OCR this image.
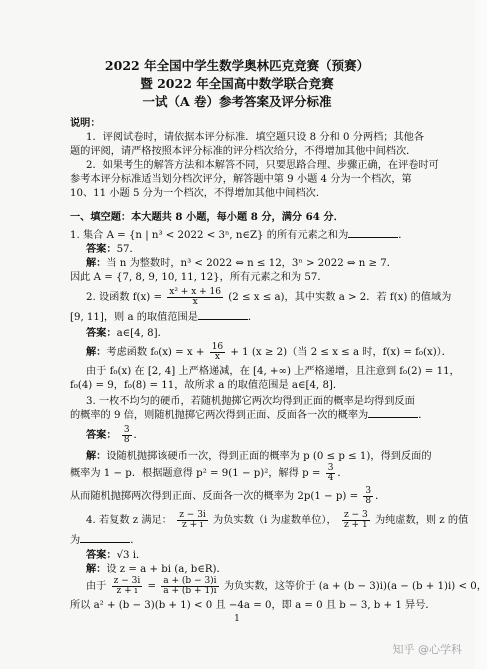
2022 年全国中学生数学奥林匹克竞赛（预赛）
暨 2022 年全国高中数学联合竞赛
一试（A 卷）参考答案及评分标准
说明：
1．评阅试卷时，请依据本评分标准．填空题只设 8 分和 0 分两档；其他各
题的评阅，请严格按照本评分标准的评分档次给分，不得增加其他中间档次．
2．如果考生的解答方法和本解答不同，只要思路合理、步骤正确，在评卷时可
参考本评分标准适当划分档次评分，解答题中第 9 小题 4 分为一个档次，第
10、11 小题 5 分为一个档次，不得增加其他中间档次．
一、填空题：本大题共 8 小题，每小题 8 分，满分 64 分．
1. 集合 A = {n | n³ < 2022 < 3ⁿ, n∈Z} 的所有元素之和为	．
答案：57．
解：当 n 为整数时，n³ < 2022 ⇔ n ≤ 12，3ⁿ > 2022 ⇔ n ≥ 7．
因此 A = {7, 8, 9, 10, 11, 12}，所有元素之和为 57．
2. 设函数 $f(x) = \frac{\text{x² + x + 16}}{x} (2 \le x \le a)$，其中实数 a > 2．若 f(x) 的值域为
[9, 11]，则 a 的取值范围是	．
答案：a∈[4, 8]．
解：考虑函数 $f_0(x) = x + \frac{16}{x} + 1$ (x ≥ 2)（当 2 ≤ x ≤ a 时，f(x) = f₀(x)）．
由于 f₀(x) 在 [2, 4] 上严格递减，在 [4, +∞) 上严格递增，且注意到 f₀(2) = 11，
f₀(4) = 9，f₀(8) = 11，故所求 a 的取值范围是 a∈[4, 8]．
3. 一枚不均匀的硬币，若随机抛掷它两次均得到正面的概率是均得到反面
的概率的 9 倍，则随机抛掷它两次得到正面、反面各一次的概率为	．
答案： $\frac{3}{8}$ ．
解：设随机抛掷该硬币一次，得到正面的概率为 p (0 ≤ p ≤ 1)，得到反面的
概率为 1 − p．根据题意得 p² = 9(1 − p)²，解得 $p = \frac{3}{4}$ ．
从而随机抛掷两次得到正面、反面各一次的概率为 $2p(1 - p) = \frac{3}{8}$ ．
4. 若复数 z 满足： $\frac{z - 3i}{z + i}$ 为负实数（i 为虚数单位）， $\frac{z - 3}{z + 1}$ 为纯虚数，则 z 的值
为	．
答案：√3 i．
解：设 z = a + bi (a, b∈R)．
由于 $\frac{z - 3i}{z + i} = \frac{a + (b - 3)i}{a + (b + 1)i}$ 为负实数，这等价于 (a + (b − 3)i)(a − (b + 1)i) < 0，
所以 a² + (b − 3)(b + 1) < 0 且 −4a = 0，即 a = 0 且 b − 3, b + 1 异号．
1
知乎 @心学科
